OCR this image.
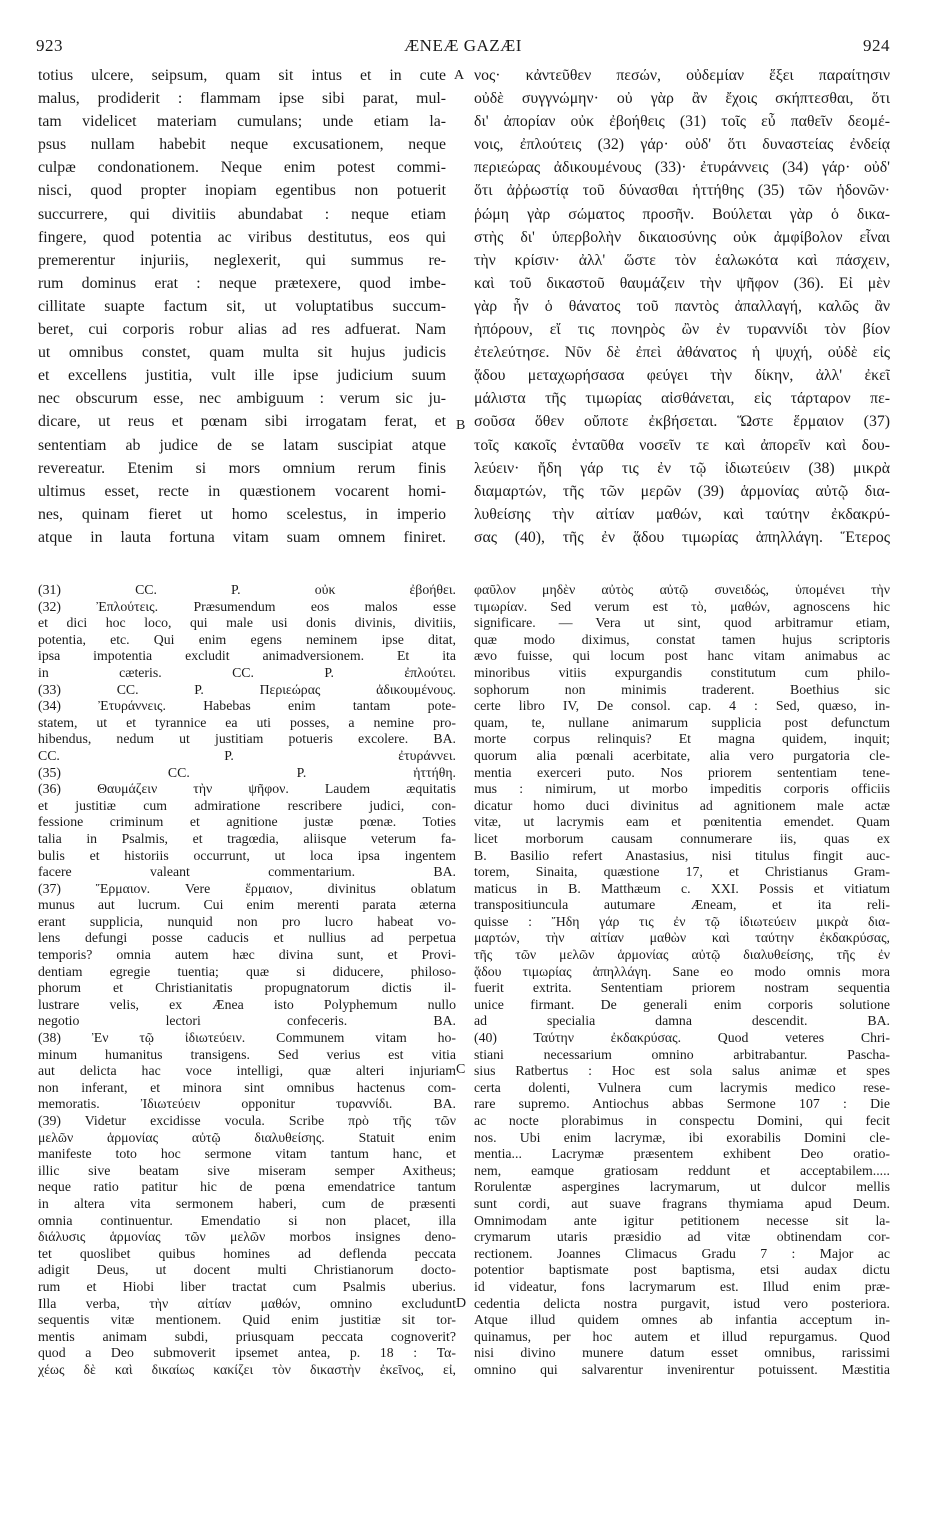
923	ÆNEÆ GAZÆI	924
A
B
C
D
totius ulcere, seipsum, quam sit intus et in cute
malus, prodiderit : flammam ipse sibi parat, mul-
tam videlicet materiam cumulans; unde etiam la-
psus nullam habebit neque excusationem, neque
culpæ condonationem. Neque enim potest commi-
nisci, quod propter inopiam egentibus non potuerit
succurrere, qui divitiis abundabat : neque etiam
fingere, quod potentia ac viribus destitutus, eos qui
premerentur injuriis, neglexerit, qui summus re-
rum dominus erat : neque prætexere, quod imbe-
cillitate suapte factum sit, ut voluptatibus succum-
beret, cui corporis robur alias ad res adfuerat. Nam
ut omnibus constet, quam multa sit hujus judicis
et excellens justitia, vult ille ipse judicium suum
nec obscurum esse, nec ambiguum : verum sic ju-
dicare, ut reus et pœnam sibi irrogatam ferat, et
sententiam ab judice de se latam suscipiat atque
revereatur. Etenim si mors omnium rerum finis
ultimus esset, recte in quæstionem vocarent homi-
nes, quinam fieret ut homo scelestus, in imperio
atque in lauta fortuna vitam suam omnem finiret.
νος· κἀντεῦθεν πεσών, οὐδεμίαν ἕξει παραίτησιν
οὐδὲ συγγνώμην· οὐ γὰρ ἂν ἔχοις σκήπτεσθαι, ὅτι
δι' ἀπορίαν οὐκ ἐβοήθεις (31) τοῖς εὖ παθεῖν δεομέ-
νοις, ἐπλούτεις (32) γάρ· οὐδ' ὅτι δυναστείας ἐνδείᾳ
περιεώρας ἀδικουμένους (33)· ἐτυράννεις (34) γάρ· οὐδ'
ὅτι ἀῤῥωστίᾳ τοῦ δύνασθαι ἡττήθης (35) τῶν ἡδονῶν·
ῥώμη γὰρ σώματος προσῆν. Βούλεται γὰρ ὁ δικα-
στὴς δι' ὑπερβολὴν δικαιοσύνης οὐκ ἀμφίβολον εἶναι
τὴν κρίσιν· ἀλλ' ὥστε τὸν ἑαλωκότα καὶ πάσχειν,
καὶ τοῦ δικαστοῦ θαυμάζειν τὴν ψῆφον (36). Εἰ μὲν
γὰρ ἦν ὁ θάνατος τοῦ παντὸς ἀπαλλαγή, καλῶς ἂν
ἠπόρουν, εἴ τις πονηρὸς ὢν ἐν τυραννίδι τὸν βίον
ἐτελεύτησε. Νῦν δὲ ἐπεὶ ἀθάνατος ἡ ψυχή, οὐδὲ εἰς
ᾅδου μεταχωρήσασα φεύγει τὴν δίκην, ἀλλ' ἐκεῖ
μάλιστα τῆς τιμωρίας αἰσθάνεται, εἰς τάρταρον πε-
σοῦσα ὅθεν οὔποτε ἐκβήσεται. Ὥστε ἕρμαιον (37)
τοῖς κακοῖς ἐνταῦθα νοσεῖν τε καὶ ἀπορεῖν καὶ δου-
λεύειν· ἤδη γάρ τις ἐν τῷ ἰδιωτεύειν (38) μικρὰ
διαμαρτών, τῆς τῶν μερῶν (39) ἁρμονίας αὐτῷ δια-
λυθείσης τὴν αἰτίαν μαθών, καὶ ταύτην ἐκδακρύ-
σας (40), τῆς ἐν ᾅδου τιμωρίας ἀπηλλάγη. Ἕτερος
(31) CC. P. οὐκ ἐβοήθει.
(32) Ἐπλούτεις. Præsumendum eos malos esse
et dici hoc loco, qui male usi donis divinis, divitiis,
potentia, etc. Qui enim egens neminem ipse ditat,
ipsa impotentia excludit animadversionem. Et ita
in cæteris. CC. P. ἐπλούτει.
(33) CC. P. Περιεώρας ἀδικουμένους.
(34) Ἐτυράννεις. Habebas enim tantam pote-
statem, ut et tyrannice ea uti posses, a nemine pro-
hibendus, nedum ut justitiam potueris excolere. BA.
CC. P. ἐτυράννει.
(35) CC. P. ἡττήθη.
(36) Θαυμάζειν τὴν ψῆφον. Laudem æquitatis
et justitiæ cum admiratione rescribere judici, con-
fessione criminum et agnitione justæ pœnæ. Toties
talia in Psalmis, et tragœdia, aliisque veterum fa-
bulis et historiis occurrunt, ut loca ipsa ingentem
facere valeant commentarium. BA.
(37) Ἕρμαιον. Vere ἕρμαιον, divinitus oblatum
munus aut lucrum. Cui enim merenti parata æterna
erant supplicia, nunquid non pro lucro habeat vo-
lens defungi posse caducis et nullius ad perpetua
temporis? omnia autem hæc divina sunt, et Provi-
dentiam egregie tuentia; quæ si diducere, philoso-
phorum et Christianitatis propugnatorum dictis il-
lustrare velis, ex Ænea isto Polyphemum nullo
negotio lectori confeceris. BA.
(38) Ἐν τῷ ἰδιωτεύειν. Communem vitam ho-
minum humanitus transigens. Sed verius est vitia
aut delicta hac voce intelligi, quæ alteri injuriam
non inferant, et minora sint omnibus hactenus com-
memoratis. Ἰδιωτεύειν opponitur τυραννίδι. BA.
(39) Videtur excidisse vocula. Scribe πρὸ τῆς τῶν
μελῶν ἁρμονίας αὐτῷ διαλυθείσης. Statuit enim
manifeste toto hoc sermone vitam tantum hanc, et
illic sive beatam sive miseram semper Axitheus;
neque ratio patitur hic de pœna emendatrice tantum
in altera vita sermonem haberi, cum de præsenti
omnia continuentur. Emendatio si non placet, illa
διάλυσις ἁρμονίας τῶν μελῶν morbos insignes deno-
tet quoslibet quibus homines ad deflenda peccata
adigit Deus, ut docent multi Christianorum docto-
rum et Hiobi liber tractat cum Psalmis uberius.
Illa verba, τὴν αἰτίαν μαθών, omnino excludunt
sequentis vitæ mentionem. Quid enim justitiæ sit tor-
mentis animam subdi, priusquam peccata cognoverit?
quod a Deo submoverit ipsemet antea, p. 18 : Τα-
χέως δὲ καὶ δικαίως κακίζει τὸν δικαστὴν ἐκεῖνος, εἰ,
φαῦλον μηδὲν αὐτὸς αὐτῷ συνειδώς, ὑπομένει τὴν
τιμωρίαν. Sed verum est τὸ, μαθών, agnoscens hic
significare. — Vera ut sint, quod arbitramur etiam,
quæ modo diximus, constat tamen hujus scriptoris
ævo fuisse, qui locum post hanc vitam animabus ac
minoribus vitiis expurgandis constitutum cum philo-
sophorum non minimis traderent. Boethius sic
certe libro IV, De consol. cap. 4 : Sed, quæso, in-
quam, te, nullane animarum supplicia post defunctum
morte corpus relinquis? Et magna quidem, inquit;
quorum alia pœnali acerbitate, alia vero purgatoria cle-
mentia exerceri puto. Nos priorem sententiam tene-
mus : nimirum, ut morbo impeditis corporis officiis
dicatur homo duci divinitus ad agnitionem male actæ
vitæ, ut lacrymis eam et pœnitentia emendet. Quam
licet morborum causam connumerare iis, quas ex
B. Basilio refert Anastasius, nisi titulus fingit auc-
torem, Sinaita, quæstione 17, et Christianus Gram-
maticus in B. Matthæum c. XXI. Possis et vitiatum
transpositiuncula autumare Æneam, et ita reli-
quisse : Ἤδη γάρ τις ἐν τῷ ἰδιωτεύειν μικρὰ δια-
μαρτών, τὴν αἰτίαν μαθὼν καὶ ταύτην ἐκδακρύσας,
τῆς τῶν μελῶν ἁρμονίας αὐτῷ διαλυθείσης, τῆς ἐν
ᾅδου τιμωρίας ἀπηλλάγη. Sane eo modo omnis mora
fuerit extrita. Sententiam priorem nostram sequentia
unice firmant. De generali enim corporis solutione
ad specialia damna descendit. BA.
(40) Ταύτην ἐκδακρύσας. Quod veteres Chri-
stiani necessarium omnino arbitrabantur. Pascha-
sius Ratbertus : Hoc est sola salus animæ et spes
certa dolenti, Vulnera cum lacrymis medico rese-
rare supremo. Antiochus abbas Sermone 107 : Die
ac nocte plorabimus in conspectu Domini, qui fecit
nos. Ubi enim lacrymæ, ibi exorabilis Domini cle-
mentia... Lacrymæ præsentem exhibent Deo oratio-
nem, eamque gratiosam reddunt et acceptabilem.....
Rorulentæ aspergines lacrymarum, ut dulcor mellis
sunt cordi, aut suave fragrans thymiama apud Deum.
Omnimodam ante igitur petitionem necesse sit la-
crymarum utaris præsidio ad vitæ obtinendam cor-
rectionem. Joannes Climacus Gradu 7 : Major ac
potentior baptismate post baptisma, etsi audax dictu
id videatur, fons lacrymarum est. Illud enim præ-
cedentia delicta nostra purgavit, istud vero posteriora.
Atque illud quidem omnes ab infantia acceptum in-
quinamus, per hoc autem et illud repurgamus. Quod
nisi divino munere datum esset omnibus, rarissimi
omnino qui salvarentur invenirentur potuissent. Mæstitia
